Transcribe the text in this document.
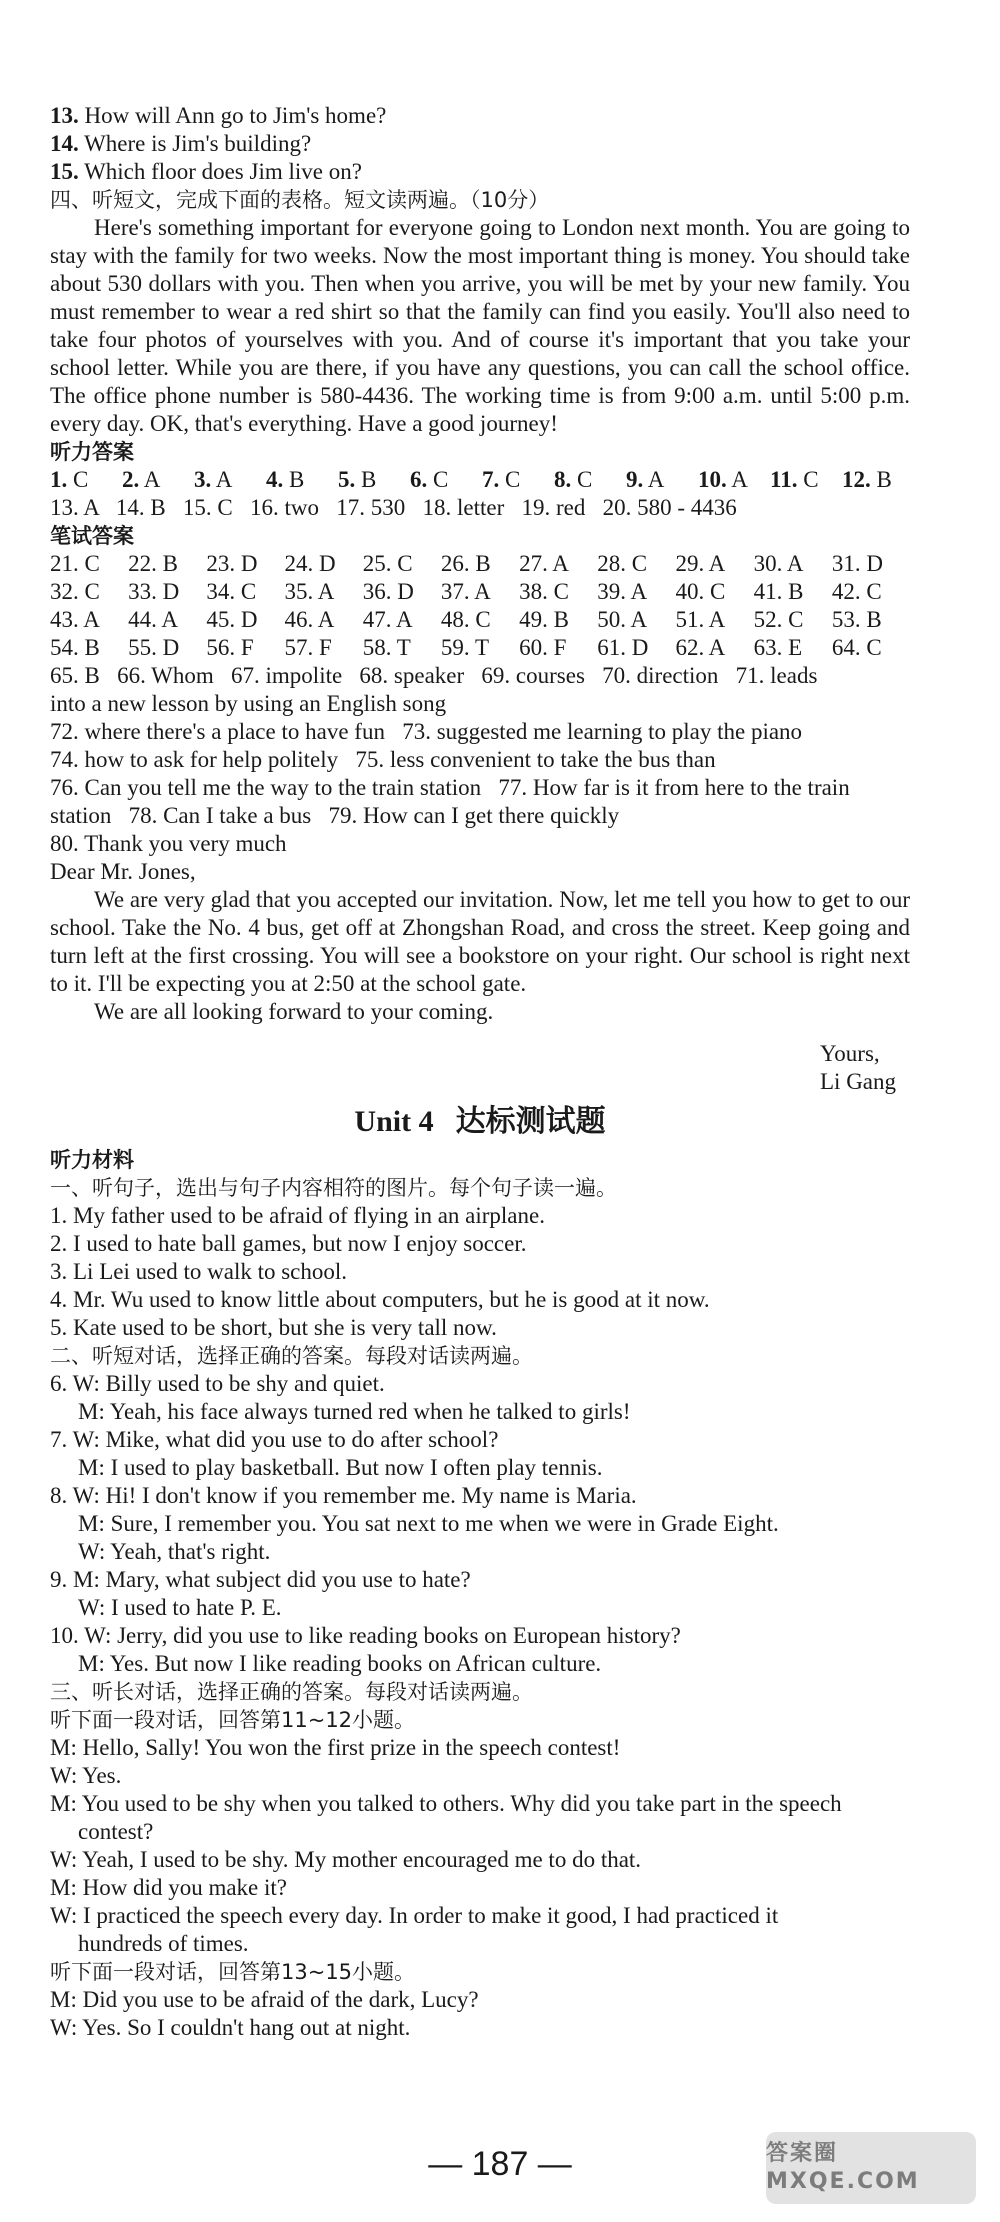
13. How will Ann go to Jim's home?
14. Where is Jim's building?
15. Which floor does Jim live on?
四、听短文，完成下面的表格。短文读两遍。（10分）
Here's something important for everyone going to London next month. You are going to stay with the family for two weeks. Now the most important thing is money. You should take about 530 dollars with you. Then when you arrive, you will be met by your new family. You must remember to wear a red shirt so that the family can find you easily. You'll also need to take four photos of yourselves with you. And of course it's important that you take your school letter. While you are there, if you have any questions, you can call the school office. The office phone number is 580-4436. The working time is from 9:00 a.m. until 5:00 p.m. every day. OK, that's everything. Have a good journey!
听力答案
1. C	2. A	3. A	4. B	5. B	6. C	7. C	8. C	9. A	10. A 11. C	12. B
13. A   14. B   15. C   16. two   17. 530   18. letter   19. red   20. 580 - 4436
笔试答案
21. C	22. B	23. D	24. D	25. C	26. B	27. A	28. C	29. A	30. A	31. D
32. C	33. D	34. C	35. A	36. D	37. A	38. C	39. A	40. C	41. B	42. C
43. A	44. A	45. D	46. A	47. A	48. C	49. B	50. A	51. A	52. C	53. B
54. B	55. D	56. F	57. F	58. T	59. T	60. F	61. D	62. A	63. E	64. C
65. B   66. Whom   67. impolite   68. speaker   69. courses   70. direction   71. leads
into a new lesson by using an English song
72. where there's a place to have fun   73. suggested me learning to play the piano
74. how to ask for help politely   75. less convenient to take the bus than
76. Can you tell me the way to the train station   77. How far is it from here to the train
station   78. Can I take a bus   79. How can I get there quickly
80. Thank you very much
Dear Mr. Jones,
We are very glad that you accepted our invitation. Now, let me tell you how to get to our school. Take the No. 4 bus, get off at Zhongshan Road, and cross the street. Keep going and turn left at the first crossing. You will see a bookstore on your right. Our school is right next to it. I'll be expecting you at 2:50 at the school gate.
We are all looking forward to your coming.
Yours,
Li Gang
Unit 4 达标测试题
听力材料
一、听句子，选出与句子内容相符的图片。每个句子读一遍。
1. My father used to be afraid of flying in an airplane.
2. I used to hate ball games, but now I enjoy soccer.
3. Li Lei used to walk to school.
4. Mr. Wu used to know little about computers, but he is good at it now.
5. Kate used to be short, but she is very tall now.
二、听短对话，选择正确的答案。每段对话读两遍。
6. W: Billy used to be shy and quiet.
M: Yeah, his face always turned red when he talked to girls!
7. W: Mike, what did you use to do after school?
M: I used to play basketball. But now I often play tennis.
8. W: Hi! I don't know if you remember me. My name is Maria.
M: Sure, I remember you. You sat next to me when we were in Grade Eight.
W: Yeah, that's right.
9. M: Mary, what subject did you use to hate?
W: I used to hate P. E.
10. W: Jerry, did you use to like reading books on European history?
M: Yes. But now I like reading books on African culture.
三、听长对话，选择正确的答案。每段对话读两遍。
听下面一段对话，回答第11~12小题。
M: Hello, Sally! You won the first prize in the speech contest!
W: Yes.
M: You used to be shy when you talked to others. Why did you take part in the speech
contest?
W: Yeah, I used to be shy. My mother encouraged me to do that.
M: How did you make it?
W: I practiced the speech every day. In order to make it good, I had practiced it
hundreds of times.
听下面一段对话，回答第13~15小题。
M: Did you use to be afraid of the dark, Lucy?
W: Yes. So I couldn't hang out at night.
— 187 —	答案圈 MXQE.COM
